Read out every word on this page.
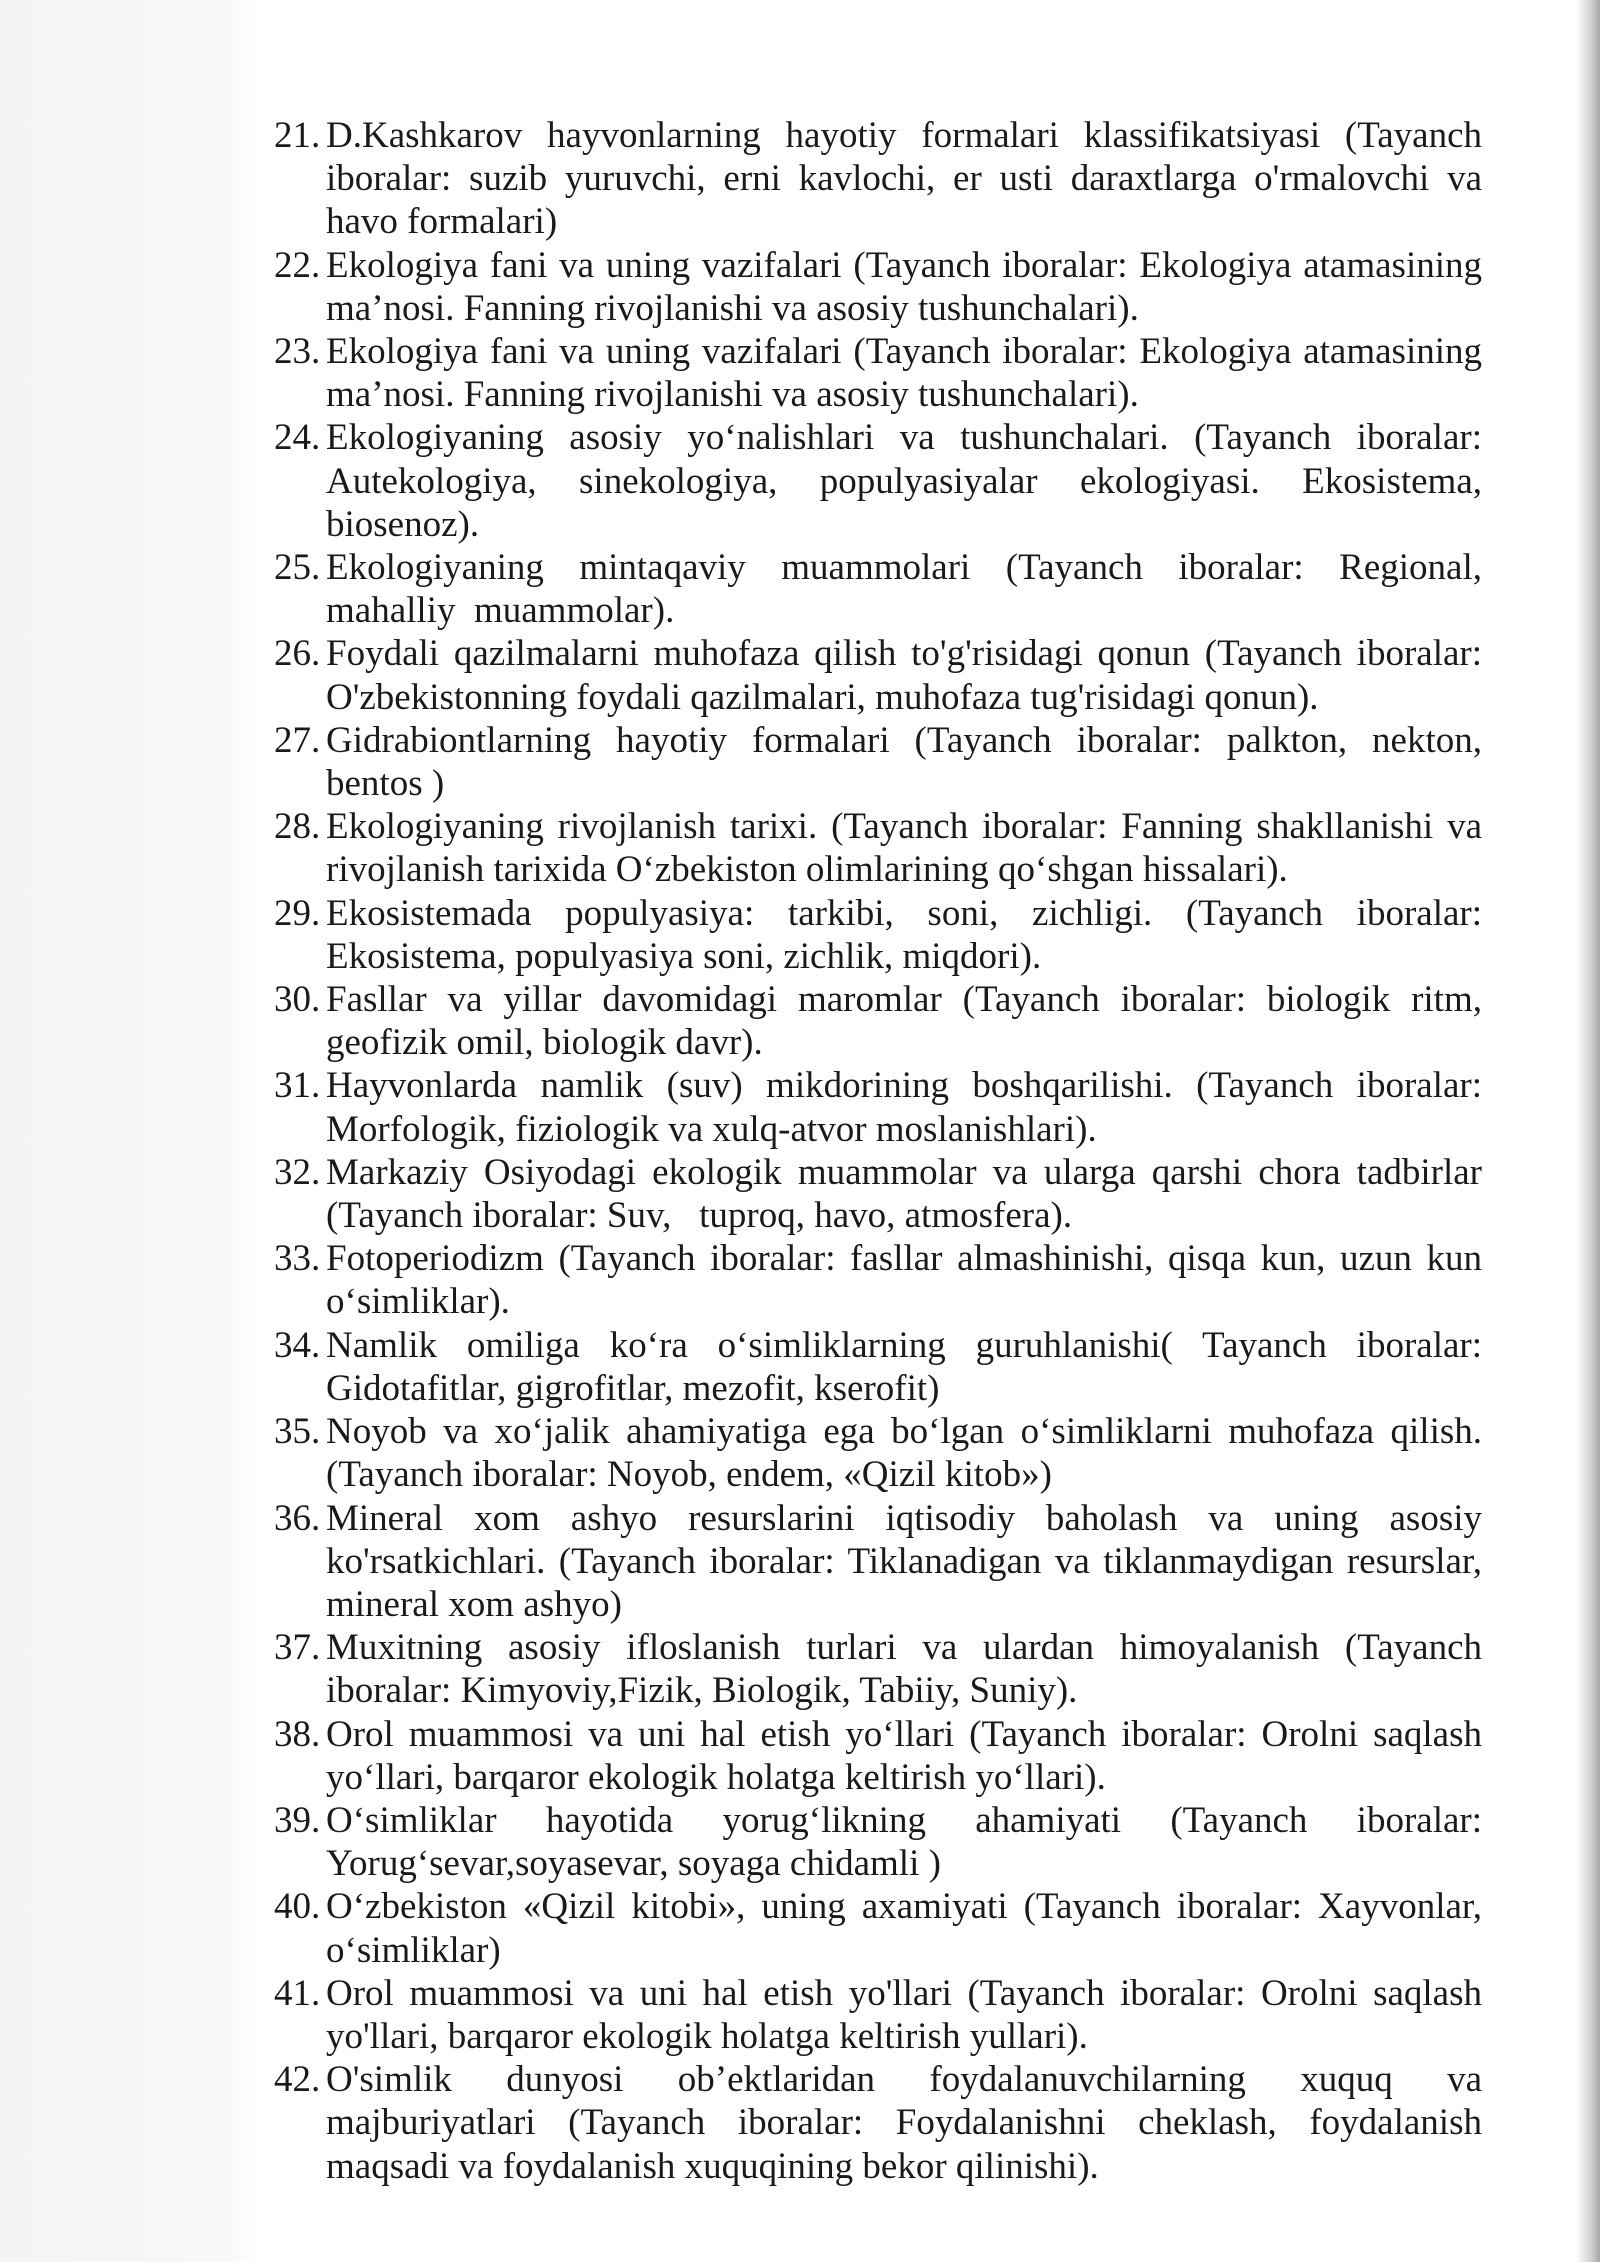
21. D.Kashkarov hayvonlarning hayotiy formalari klassifikatsiyasi (Tayanch
iboralar: suzib yuruvchi, erni kavlochi, er usti daraxtlarga o'rmalovchi va
havo formalari)
22. Ekologiya fani va uning vazifalari (Tayanch iboralar: Ekologiya atamasining
ma’nosi. Fanning rivojlanishi va asosiy tushunchalari).
23. Ekologiya fani va uning vazifalari (Tayanch iboralar: Ekologiya atamasining
ma’nosi. Fanning rivojlanishi va asosiy tushunchalari).
24. Ekologiyaning asosiy yo‘nalishlari va tushunchalari. (Tayanch iboralar:
Autekologiya, sinekologiya, populyasiyalar ekologiyasi. Ekosistema,
biosenoz).
25. Ekologiyaning mintaqaviy muammolari (Tayanch iboralar: Regional,
mahalliy  muammolar).
26. Foydali qazilmalarni muhofaza qilish to'g'risidagi qonun (Tayanch iboralar:
O'zbekistonning foydali qazilmalari, muhofaza tug'risidagi qonun).
27. Gidrabiontlarning hayotiy formalari (Tayanch iboralar: palkton, nekton,
bentos )
28. Ekologiyaning rivojlanish tarixi. (Tayanch iboralar: Fanning shakllanishi va
rivojlanish tarixida O‘zbekiston olimlarining qo‘shgan hissalari).
29. Ekosistemada populyasiya: tarkibi, soni, zichligi. (Tayanch iboralar:
Ekosistema, populyasiya soni, zichlik, miqdori).
30. Fasllar va yillar davomidagi maromlar (Tayanch iboralar: biologik ritm,
geofizik omil, biologik davr).
31. Hayvonlarda namlik (suv) mikdorining boshqarilishi. (Tayanch iboralar:
Morfologik, fiziologik va xulq-atvor moslanishlari).
32. Markaziy Osiyodagi ekologik muammolar va ularga qarshi chora tadbirlar
(Tayanch iboralar: Suv,   tuproq, havo, atmosfera).
33. Fotoperiodizm (Tayanch iboralar: fasllar almashinishi, qisqa kun, uzun kun
o‘simliklar).
34. Namlik omiliga ko‘ra o‘simliklarning guruhlanishi( Tayanch iboralar:
Gidotafitlar, gigrofitlar, mezofit, kserofit)
35. Noyob va xo‘jalik ahamiyatiga ega bo‘lgan o‘simliklarni muhofaza qilish.
(Tayanch iboralar: Noyob, endem, «Qizil kitob»)
36. Mineral xom ashyo resurslarini iqtisodiy baholash va uning asosiy
ko'rsatkichlari. (Tayanch iboralar: Tiklanadigan va tiklanmaydigan resurslar,
mineral xom ashyo)
37. Muxitning asosiy ifloslanish turlari va ulardan himoyalanish (Tayanch
iboralar: Kimyoviy,Fizik, Biologik, Tabiiy, Suniy).
38. Orol muammosi va uni hal etish yo‘llari (Tayanch iboralar: Orolni saqlash
yo‘llari, barqaror ekologik holatga keltirish yo‘llari).
39. O‘simliklar hayotida yorug‘likning ahamiyati (Tayanch iboralar:
Yorug‘sevar,soyasevar, soyaga chidamli )
40. O‘zbekiston «Qizil kitobi», uning axamiyati (Tayanch iboralar: Xayvonlar,
o‘simliklar)
41. Orol muammosi va uni hal etish yo'llari (Tayanch iboralar: Orolni saqlash
yo'llari, barqaror ekologik holatga keltirish yullari).
42. O'simlik dunyosi ob’ektlaridan foydalanuvchilarning xuquq va
majburiyatlari (Tayanch iboralar: Foydalanishni cheklash, foydalanish
maqsadi va foydalanish xuquqining bekor qilinishi).
